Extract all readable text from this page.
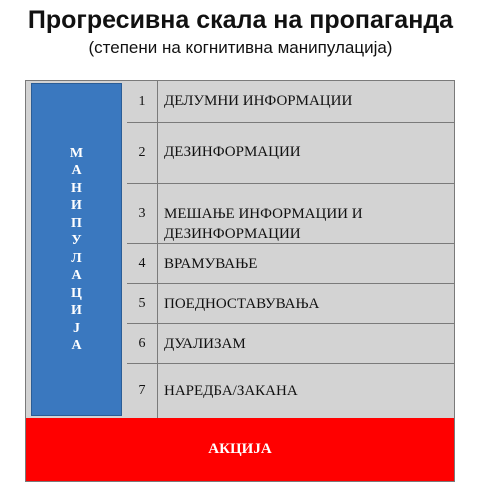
Прогресивна скала на пропаганда
(степени на когнитивна манипулација)
М
А
Н
И
П
У
Л
А
Ц
И
Ј
А
1	ДЕЛУМНИ ИНФОРМАЦИИ
2	ДЕЗИНФОРМАЦИИ
3	МЕШАЊЕ ИНФОРМАЦИИ И ДЕЗИНФОРМАЦИИ
4	ВРАМУВАЊЕ
5	ПОЕДНОСТАВУВАЊА
6	ДУАЛИЗАМ
7	НАРЕДБА/ЗАКАНА
АКЦИЈА
